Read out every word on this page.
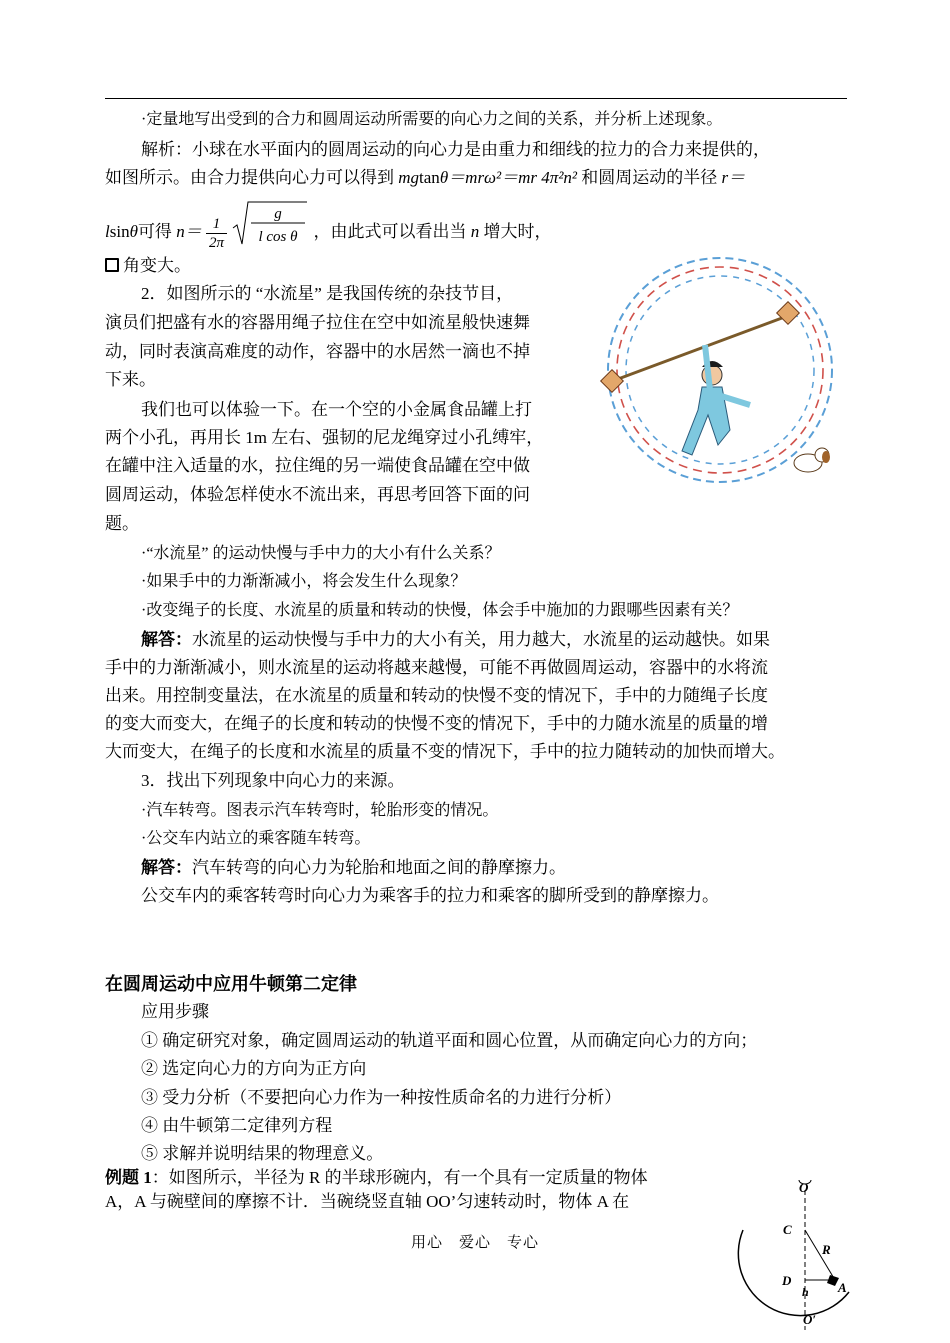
·定量地写出受到的合力和圆周运动所需要的向心力之间的关系，并分析上述现象。
解析：小球在水平面内的圆周运动的向心力是由重力和细线的拉力的合力来提供的，
如图所示。由合力提供向心力可以得到 mgtanθ＝mrω²＝mr 4π²n² 和圆周运动的半径 r＝
lsinθ可得 $n= \frac{1}{2\pi}$

g
l cos θ ，由此式可以看出当 n 增大时，
角变大。
2．如图所示的 “水流星” 是我国传统的杂技节目，
演员们把盛有水的容器用绳子拉住在空中如流星般快速舞
动，同时表演高难度的动作，容器中的水居然一滴也不掉
下来。
我们也可以体验一下。在一个空的小金属食品罐上打
两个小孔，再用长 1m 左右、强韧的尼龙绳穿过小孔缚牢，
在罐中注入适量的水，拉住绳的另一端使食品罐在空中做
圆周运动，体验怎样使水不流出来，再思考回答下面的问
题。
·“水流星” 的运动快慢与手中力的大小有什么关系？
·如果手中的力渐渐减小，将会发生什么现象？
·改变绳子的长度、水流星的质量和转动的快慢，体会手中施加的力跟哪些因素有关？
解答：水流星的运动快慢与手中力的大小有关，用力越大，水流星的运动越快。如果
手中的力渐渐减小，则水流星的运动将越来越慢，可能不再做圆周运动，容器中的水将流
出来。用控制变量法，在水流星的质量和转动的快慢不变的情况下，手中的力随绳子长度
的变大而变大，在绳子的长度和转动的快慢不变的情况下，手中的力随水流星的质量的增
大而变大，在绳子的长度和水流星的质量不变的情况下，手中的拉力随转动的加快而增大。
3．找出下列现象中向心力的来源。
·汽车转弯。图表示汽车转弯时，轮胎形变的情况。
·公交车内站立的乘客随车转弯。
解答：汽车转弯的向心力为轮胎和地面之间的静摩擦力。
公交车内的乘客转弯时向心力为乘客手的拉力和乘客的脚所受到的静摩擦力。
在圆周运动中应用牛顿第二定律
应用步骤
① 确定研究对象，确定圆周运动的轨道平面和圆心位置，从而确定向心力的方向；
② 选定向心力的方向为正方向
③ 受力分析（不要把向心力作为一种按性质命名的力进行分析）
④ 由牛顿第二定律列方程
⑤ 求解并说明结果的物理意义。
例题 1：如图所示，半径为 R 的半球形碗内，有一个具有一定质量的物体
A，A 与碗壁间的摩擦不计．当碗绕竖直轴 OO’匀速转动时，物体 A 在
O
C
R
D	A
h
O′
用心　爱心　专心
